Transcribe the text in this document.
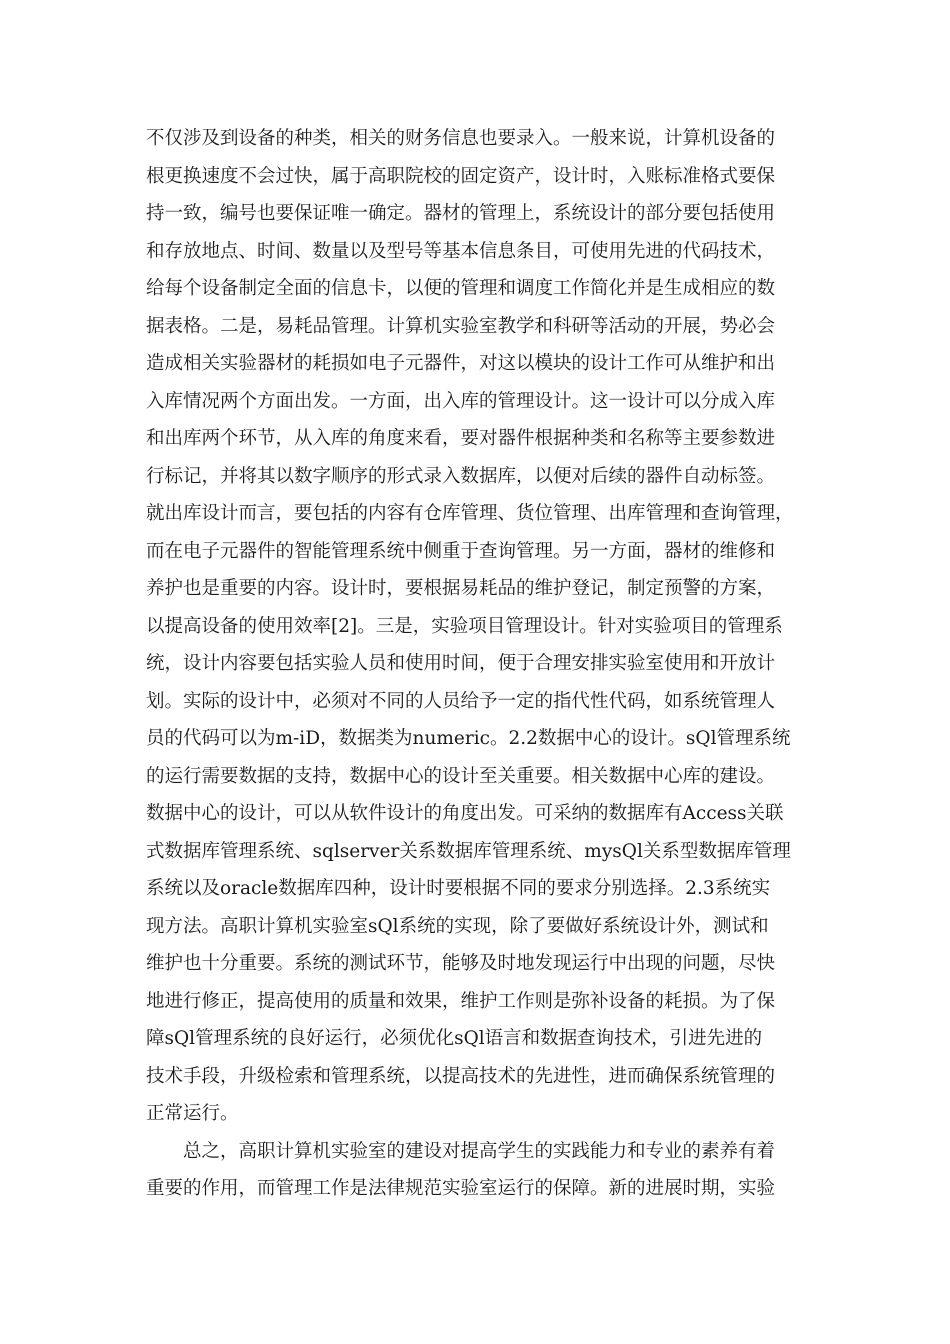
不仅涉及到设备的种类，相关的财务信息也要录入。一般来说，计算机设备的
根更换速度不会过快，属于高职院校的固定资产，设计时，入账标准格式要保
持一致，编号也要保证唯一确定。器材的管理上，系统设计的部分要包括使用
和存放地点、时间、数量以及型号等基本信息条目，可使用先进的代码技术，
给每个设备制定全面的信息卡，以便的管理和调度工作简化并是生成相应的数
据表格。二是，易耗品管理。计算机实验室教学和科研等活动的开展，势必会
造成相关实验器材的耗损如电子元器件，对这以模块的设计工作可从维护和出
入库情况两个方面出发。一方面，出入库的管理设计。这一设计可以分成入库
和出库两个环节，从入库的角度来看，要对器件根据种类和名称等主要参数进
行标记，并将其以数字顺序的形式录入数据库，以便对后续的器件自动标签。
就出库设计而言，要包括的内容有仓库管理、货位管理、出库管理和查询管理，
而在电子元器件的智能管理系统中侧重于查询管理。另一方面，器材的维修和
养护也是重要的内容。设计时，要根据易耗品的维护登记，制定预警的方案，
以提高设备的使用效率[2]。三是，实验项目管理设计。针对实验项目的管理系
统，设计内容要包括实验人员和使用时间，便于合理安排实验室使用和开放计
划。实际的设计中，必须对不同的人员给予一定的指代性代码，如系统管理人
员的代码可以为m-iD，数据类为numeric。2.2数据中心的设计。sQl管理系统
的运行需要数据的支持，数据中心的设计至关重要。相关数据中心库的建设。
数据中心的设计，可以从软件设计的角度出发。可采纳的数据库有Access关联
式数据库管理系统、sqlserver关系数据库管理系统、mysQl关系型数据库管理
系统以及oracle数据库四种，设计时要根据不同的要求分别选择。2.3系统实
现方法。高职计算机实验室sQl系统的实现，除了要做好系统设计外，测试和
维护也十分重要。系统的测试环节，能够及时地发现运行中出现的问题，尽快
地进行修正，提高使用的质量和效果，维护工作则是弥补设备的耗损。为了保
障sQl管理系统的良好运行，必须优化sQl语言和数据查询技术，引进先进的
技术手段，升级检索和管理系统，以提高技术的先进性，进而确保系统管理的
正常运行。
总之，高职计算机实验室的建设对提高学生的实践能力和专业的素养有着
重要的作用，而管理工作是法律规范实验室运行的保障。新的进展时期，实验
